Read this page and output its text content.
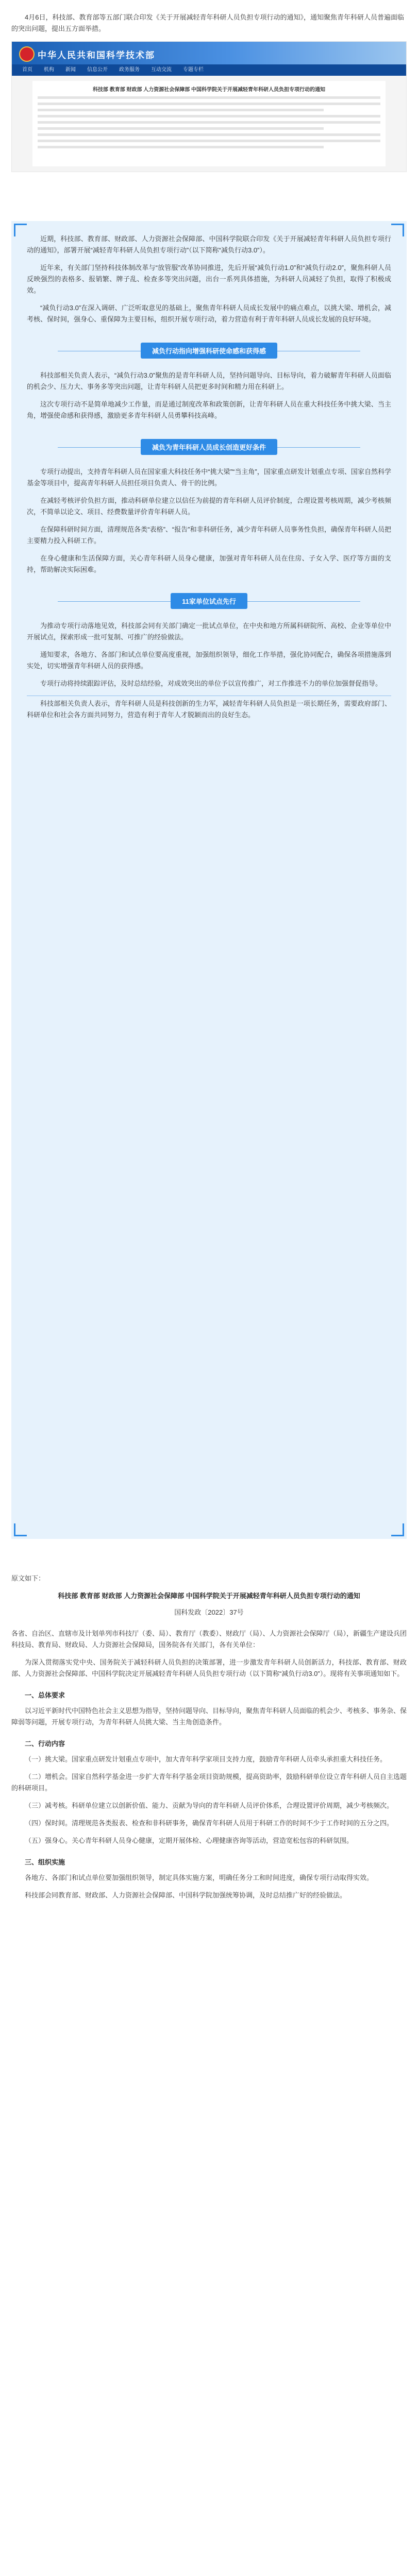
4月6日，科技部、教育部等五部门联合印发《关于开展减轻青年科研人员负担专项行动的通知》，通知聚焦青年科研人员普遍面临的突出问题，提出五方面举措。

中华人民共和国科学技术部
首页 机构 新闻 信息公开 政务服务 互动交流 专题专栏
科技部 教育部 财政部 人力资源社会保障部 中国科学院关于开展减轻青年科研人员负担专项行动的通知

近期，科技部、教育部、财政部、人力资源社会保障部、中国科学院联合印发《关于开展减轻青年科研人员负担专项行动的通知》，部署开展“减轻青年科研人员负担专项行动”（以下简称“减负行动3.0”）。

近年来，有关部门坚持科技体制改革与“放管服”改革协同推进，先后开展“减负行动1.0”和“减负行动2.0”，聚焦科研人员反映强烈的表格多、报销繁、牌子乱、检查多等突出问题，出台一系列具体措施，为科研人员减轻了负担，取得了积极成效。

“减负行动3.0”在深入调研、广泛听取意见的基础上，聚焦青年科研人员成长发展中的痛点难点，以挑大梁、增机会，减考核、保时间，强身心、重保障为主要目标，组织开展专项行动，着力营造有利于青年科研人员成长发展的良好环境。

减负行动指向增强科研使命感和获得感

科技部相关负责人表示，“减负行动3.0”聚焦的是青年科研人员，坚持问题导向、目标导向，着力破解青年科研人员面临的机会少、压力大、事务多等突出问题，让青年科研人员把更多时间和精力用在科研上。

这次专项行动不是简单地减少工作量，而是通过制度改革和政策创新，让青年科研人员在重大科技任务中挑大梁、当主角，增强使命感和获得感，激励更多青年科研人员勇攀科技高峰。

减负为青年科研人员成长创造更好条件

专项行动提出，支持青年科研人员在国家重大科技任务中“挑大梁”“当主角”，国家重点研发计划重点专项、国家自然科学基金等项目中，提高青年科研人员担任项目负责人、骨干的比例。

在减轻考核评价负担方面，推动科研单位建立以信任为前提的青年科研人员评价制度，合理设置考核周期，减少考核频次，不简单以论文、项目、经费数量评价青年科研人员。

在保障科研时间方面，清理规范各类“表格”、“报告”和非科研任务，减少青年科研人员事务性负担，确保青年科研人员把主要精力投入科研工作。

在身心健康和生活保障方面，关心青年科研人员身心健康，加强对青年科研人员在住房、子女入学、医疗等方面的支持，帮助解决实际困难。

11家单位试点先行

为推动专项行动落地见效，科技部会同有关部门确定一批试点单位，在中央和地方所属科研院所、高校、企业等单位中开展试点，探索形成一批可复制、可推广的经验做法。

通知要求，各地方、各部门和试点单位要高度重视，加强组织领导，细化工作举措，强化协同配合，确保各项措施落到实处，切实增强青年科研人员的获得感。

专项行动将持续跟踪评估，及时总结经验，对成效突出的单位予以宣传推广，对工作推进不力的单位加强督促指导。

科技部相关负责人表示，青年科研人员是科技创新的生力军，减轻青年科研人员负担是一项长期任务，需要政府部门、科研单位和社会各方面共同努力，营造有利于青年人才脱颖而出的良好生态。

原文如下：

科技部 教育部 财政部 人力资源社会保障部 中国科学院关于开展减轻青年科研人员负担专项行动的通知

国科发政〔2022〕37号

各省、自治区、直辖市及计划单列市科技厅（委、局）、教育厅（教委）、财政厅（局）、人力资源社会保障厅（局），新疆生产建设兵团科技局、教育局、财政局、人力资源社会保障局，国务院各有关部门，各有关单位：

为深入贯彻落实党中央、国务院关于减轻科研人员负担的决策部署，进一步激发青年科研人员创新活力，科技部、教育部、财政部、人力资源社会保障部、中国科学院决定开展减轻青年科研人员负担专项行动（以下简称“减负行动3.0”）。现将有关事项通知如下。

一、总体要求

以习近平新时代中国特色社会主义思想为指导，坚持问题导向、目标导向，聚焦青年科研人员面临的机会少、考核多、事务杂、保障弱等问题，开展专项行动，为青年科研人员挑大梁、当主角创造条件。

二、行动内容

（一）挑大梁。国家重点研发计划重点专项中，加大青年科学家项目支持力度，鼓励青年科研人员牵头承担重大科技任务。

（二）增机会。国家自然科学基金进一步扩大青年科学基金项目资助规模，提高资助率，鼓励科研单位设立青年科研人员自主选题的科研项目。

（三）减考核。科研单位建立以创新价值、能力、贡献为导向的青年科研人员评价体系，合理设置评价周期，减少考核频次。

（四）保时间。清理规范各类报表、检查和非科研事务，确保青年科研人员用于科研工作的时间不少于工作时间的五分之四。

（五）强身心。关心青年科研人员身心健康，定期开展体检、心理健康咨询等活动，营造宽松包容的科研氛围。

三、组织实施

各地方、各部门和试点单位要加强组织领导，制定具体实施方案，明确任务分工和时间进度，确保专项行动取得实效。

科技部会同教育部、财政部、人力资源社会保障部、中国科学院加强统筹协调，及时总结推广好的经验做法。
